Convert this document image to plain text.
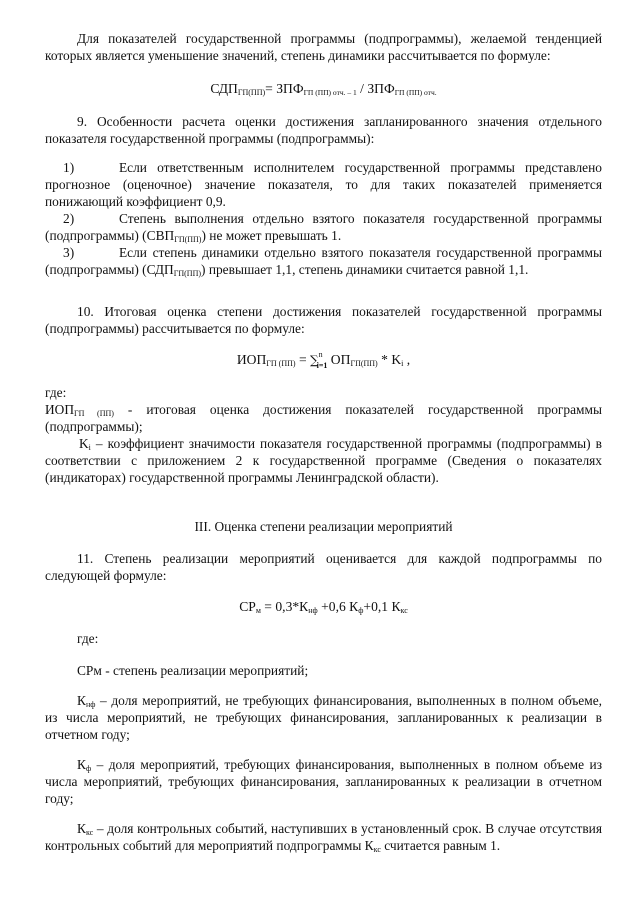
Для показателей государственной программы (подпрограммы), желаемой тенденцией которых является уменьшение значений, степень динамики рассчитывается по формуле:

$СДП_{ГП(ПП)}= ЗПФ_{ГП (ПП) отч. - 1} / ЗПФ_{ГП (ПП) отч.}$

9. Особенности расчета оценки достижения запланированного значения отдельного показателя государственной программы (подпрограммы):

1)	Если ответственным исполнителем государственной программы представлено прогнозное (оценочное) значение показателя, то для таких показателей применяется понижающий коэффициент 0,9.

2)	Степень выполнения отдельно взятого показателя государственной программы (подпрограммы) $(СВП_{ГП(ПП)})$ не может превышать 1.

3)	Если степень динамики отдельно взятого показателя государственной программы (подпрограммы) $(СДП_{ГП(ПП)})$ превышает 1,1, степень динамики считается равной 1,1.

10. Итоговая оценка степени достижения показателей государственной программы (подпрограммы) рассчитывается по формуле:

$ИОП_{ГП (ПП)} = \sum^n_{i=1}$ $ОП_{ГП(ПП)} * K_i$ ,

где:

$ИОП_{ГП (ПП)}$ - итоговая оценка достижения показателей государственной программы (подпрограммы);

$K_i$ – коэффициент значимости показателя государственной программы (подпрограммы) в соответствии с приложением 2 к государственной программе (Сведения о показателях (индикаторах) государственной программы Ленинградской области).

III. Оценка степени реализации мероприятий

11. Степень реализации мероприятий оценивается для каждой подпрограммы по следующей формуле:

$СР_м = 0,3*К_{нф} +0,6$ $К_ф+0,1$ $К_{кс}$

где:

СРм - степень реализации мероприятий;

$К_{нф}$ – доля мероприятий, не требующих финансирования, выполненных в полном объеме, из числа мероприятий, не требующих финансирования, запланированных к реализации в отчетном году;

$К_ф$ – доля мероприятий, требующих финансирования, выполненных в полном объеме из числа мероприятий, требующих финансирования, запланированных к реализации в отчетном году;

$К_{кс}$ – доля контрольных событий, наступивших в установленный срок. В случае отсутствия контрольных событий для мероприятий подпрограммы $К_{кс}$ считается равным 1.
